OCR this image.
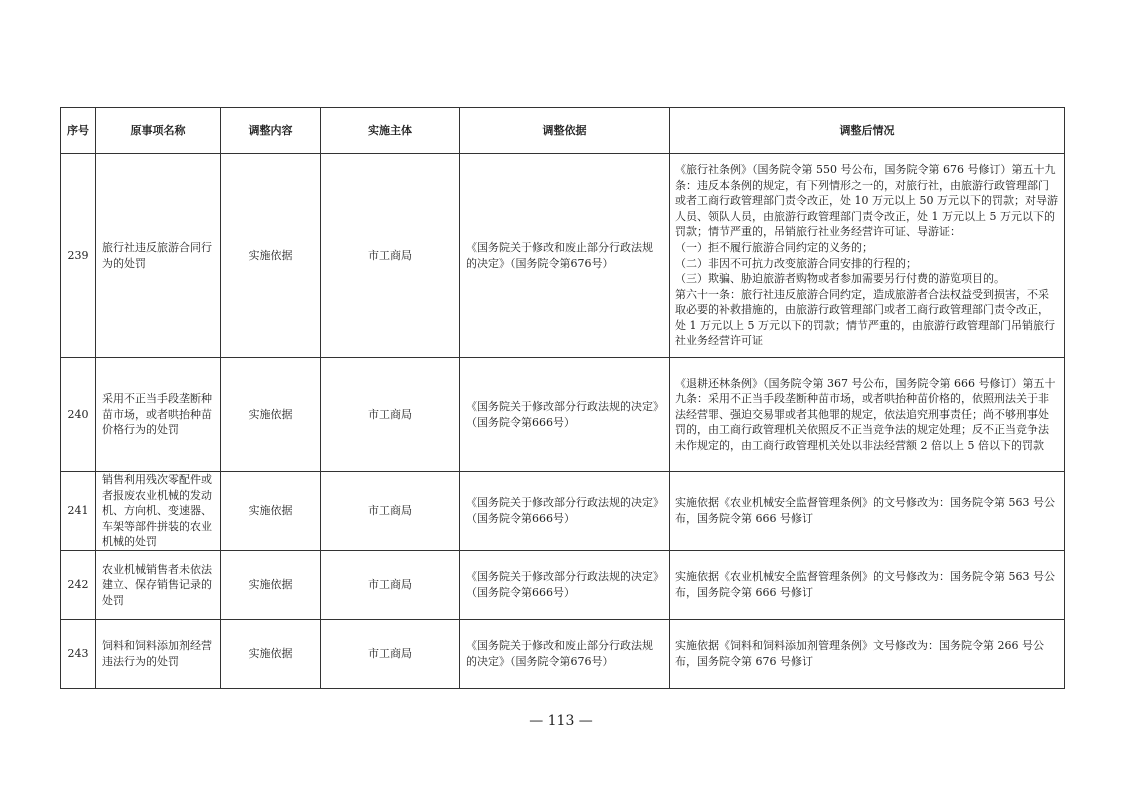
序号	原事项名称	调整内容	实施主体	调整依据	调整后情况
239	旅行社违反旅游合同行为的处罚	实施依据	市工商局	《国务院关于修改和废止部分行政法规的决定》（国务院令第676号）	《旅行社条例》（国务院令第 550 号公布，国务院令第 676 号修订）第五十九条：违反本条例的规定，有下列情形之一的，对旅行社，由旅游行政管理部门或者工商行政管理部门责令改正，处 10 万元以上 50 万元以下的罚款；对导游人员、领队人员，由旅游行政管理部门责令改正，处 1 万元以上 5 万元以下的罚款；情节严重的，吊销旅行社业务经营许可证、导游证：
（一）拒不履行旅游合同约定的义务的；
（二）非因不可抗力改变旅游合同安排的行程的；
（三）欺骗、胁迫旅游者购物或者参加需要另行付费的游览项目的。
第六十一条：旅行社违反旅游合同约定，造成旅游者合法权益受到损害，不采取必要的补救措施的，由旅游行政管理部门或者工商行政管理部门责令改正，处 1 万元以上 5 万元以下的罚款；情节严重的，由旅游行政管理部门吊销旅行社业务经营许可证
240	采用不正当手段垄断种苗市场，或者哄抬种苗价格行为的处罚	实施依据	市工商局	《国务院关于修改部分行政法规的决定》（国务院令第666号）	《退耕还林条例》（国务院令第 367 号公布，国务院令第 666 号修订）第五十九条：采用不正当手段垄断种苗市场，或者哄抬种苗价格的，依照刑法关于非法经营罪、强迫交易罪或者其他罪的规定，依法追究刑事责任；尚不够刑事处罚的，由工商行政管理机关依照反不正当竞争法的规定处理；反不正当竞争法未作规定的，由工商行政管理机关处以非法经营额 2 倍以上 5 倍以下的罚款
241	销售利用残次零配件或者报废农业机械的发动机、方向机、变速器、车架等部件拼装的农业机械的处罚	实施依据	市工商局	《国务院关于修改部分行政法规的决定》（国务院令第666号）	实施依据《农业机械安全监督管理条例》的文号修改为：国务院令第 563 号公布，国务院令第 666 号修订
242	农业机械销售者未依法建立、保存销售记录的处罚	实施依据	市工商局	《国务院关于修改部分行政法规的决定》（国务院令第666号）	实施依据《农业机械安全监督管理条例》的文号修改为：国务院令第 563 号公布，国务院令第 666 号修订
243	饲料和饲料添加剂经营违法行为的处罚	实施依据	市工商局	《国务院关于修改和废止部分行政法规的决定》（国务院令第676号）	实施依据《饲料和饲料添加剂管理条例》文号修改为：国务院令第 266 号公布，国务院令第 676 号修订
— 113 —
